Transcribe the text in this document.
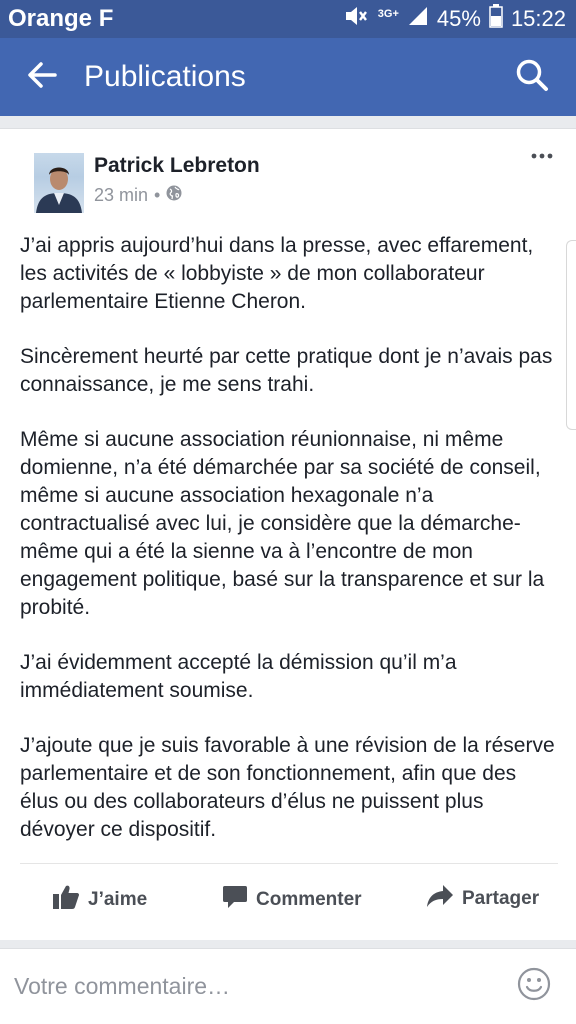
Orange F	3G+ 45% 15:22
Publications
Patrick Lebreton
23 min •

J’ai appris aujourd’hui dans la presse, avec effarement, les activités de « lobbyiste » de mon collaborateur parlementaire Etienne Cheron.

Sincèrement heurté par cette pratique dont je n’avais pas connaissance, je me sens trahi.

Même si aucune association réunionnaise, ni même domienne, n’a été démarchée par sa société de conseil, même si aucune association hexagonale n’a contractualisé avec lui, je considère que la démarche-même qui a été la sienne va à l’encontre de mon engagement politique, basé sur la transparence et sur la probité.

J’ai évidemment accepté la démission qu’il m’a immédiatement soumise.

J’ajoute que je suis favorable à une révision de la réserve parlementaire et de son fonctionnement, afin que des élus ou des collaborateurs d’élus ne puissent plus dévoyer ce dispositif.

J’aime	Commenter	Partager
Votre commentaire…
